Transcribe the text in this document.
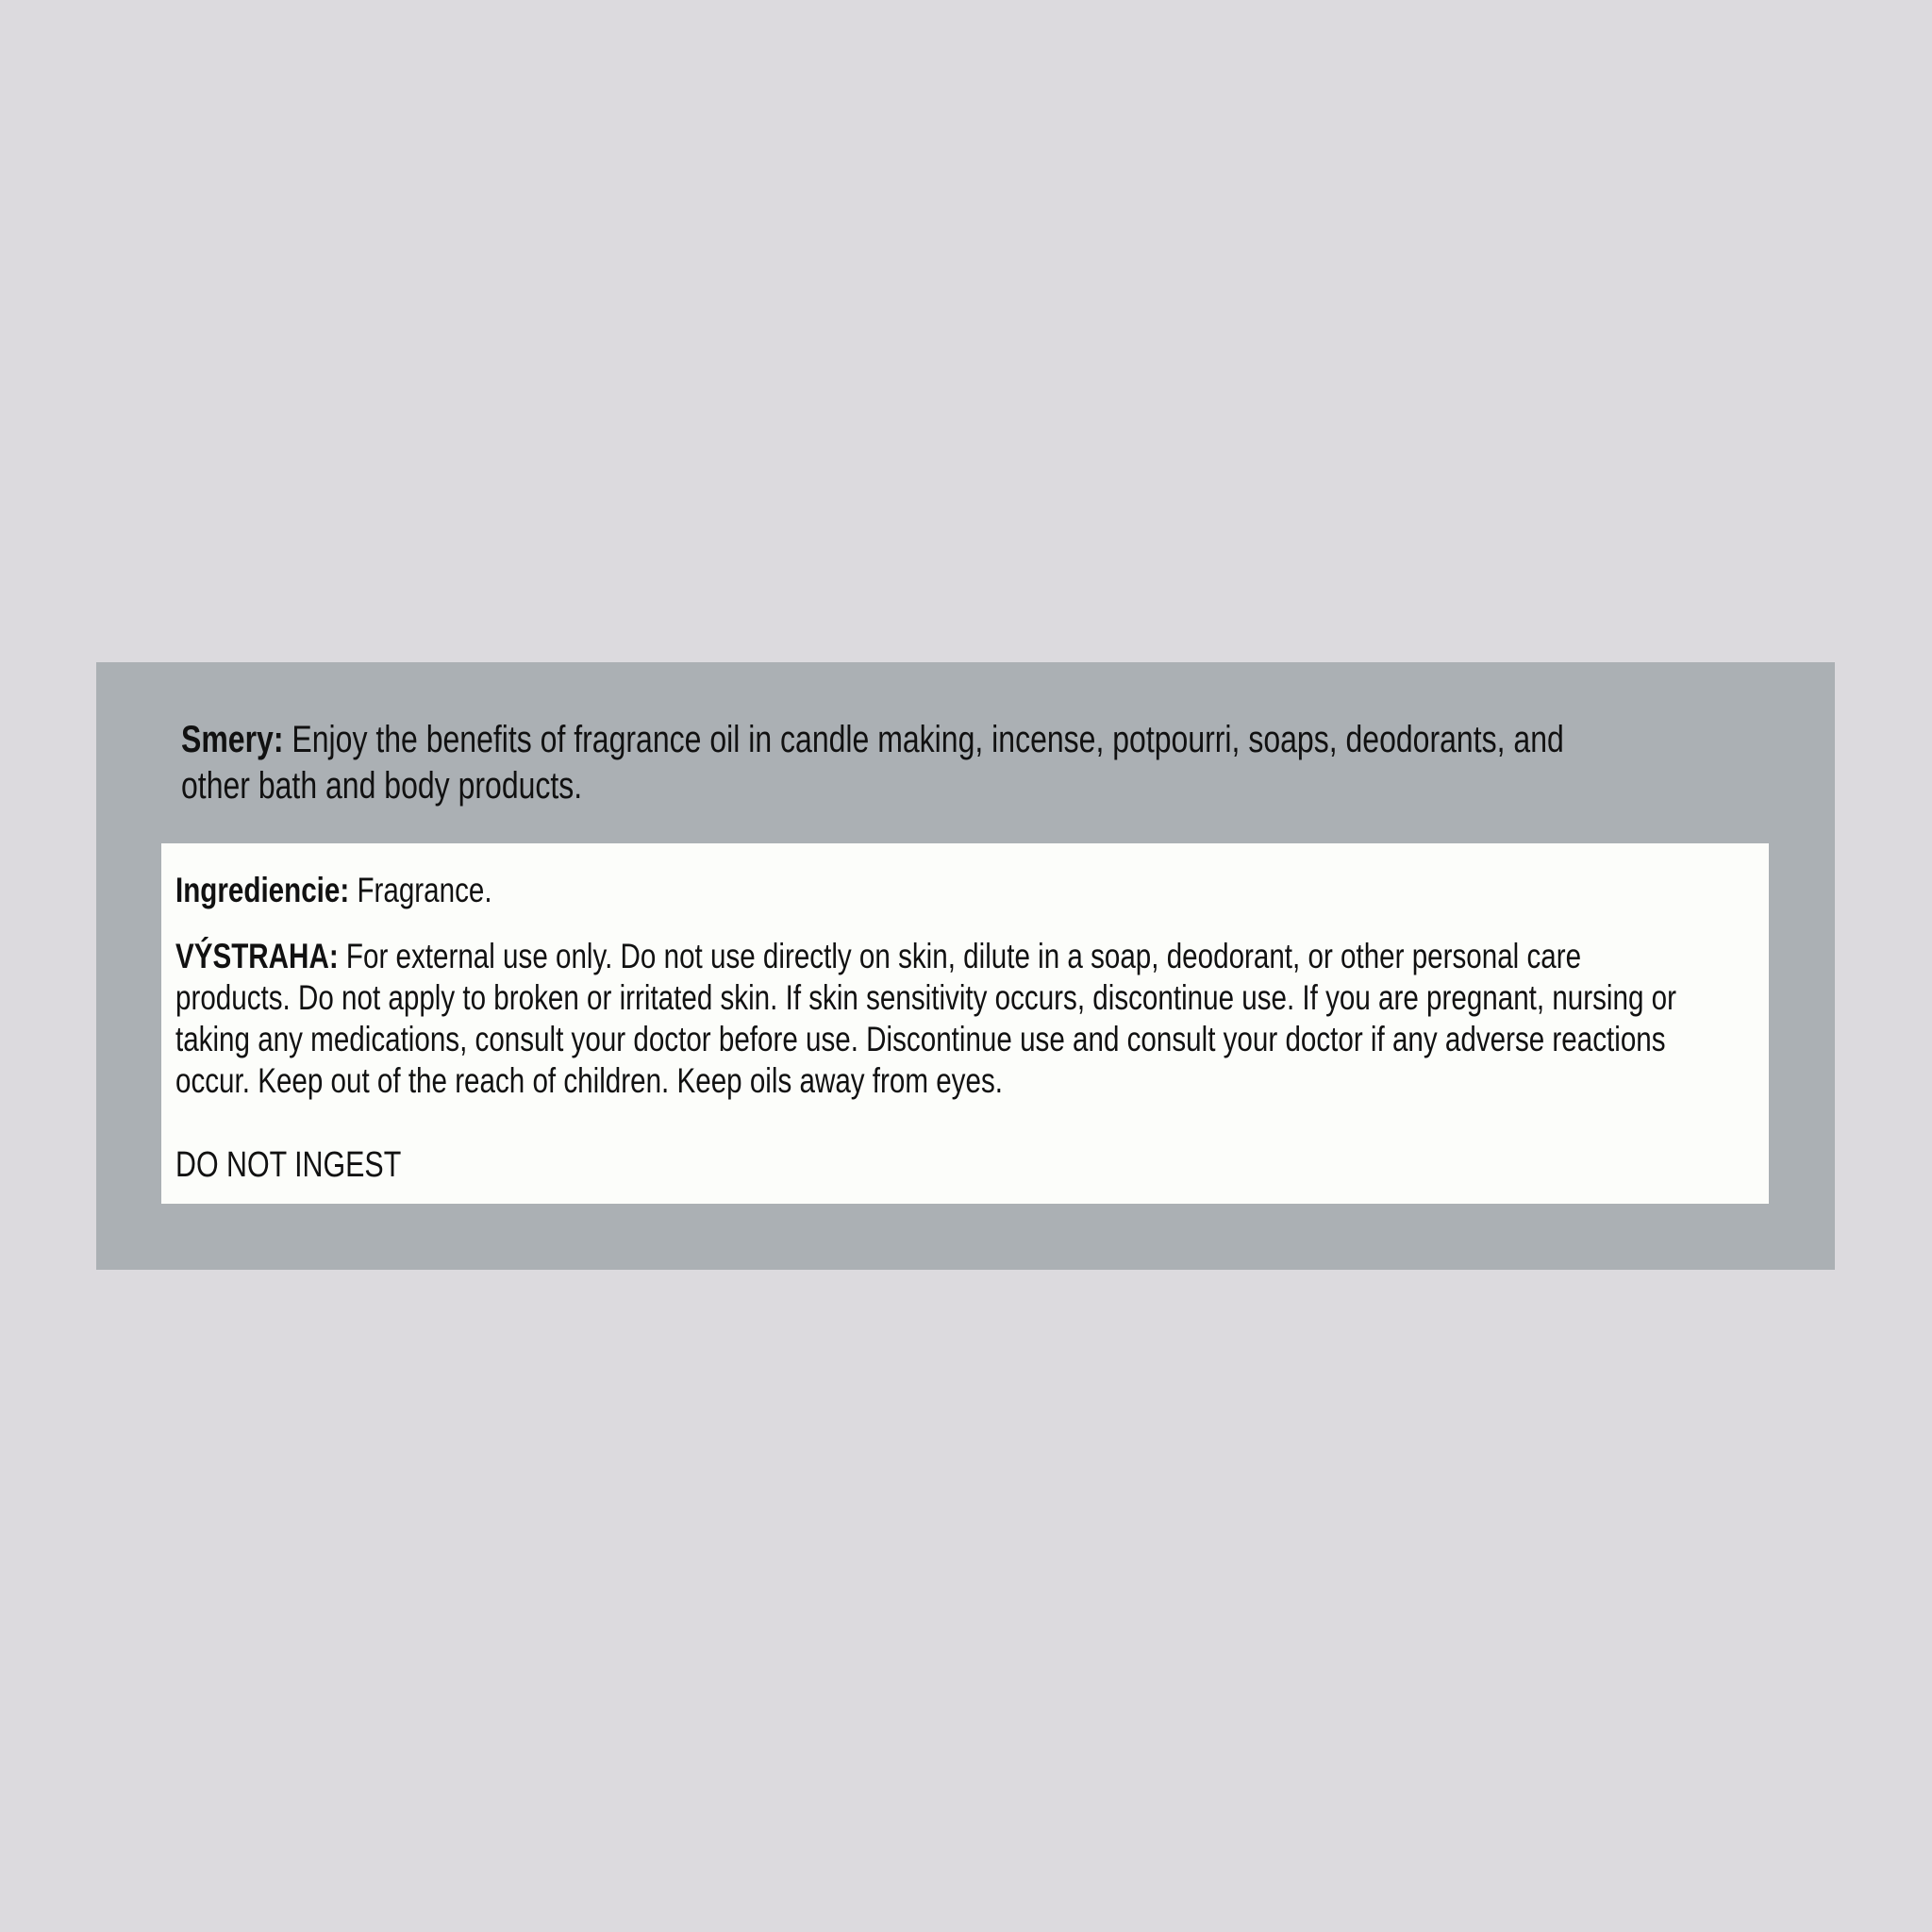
Smery: Enjoy the benefits of fragrance oil in candle making, incense, potpourri, soaps, deodorants, and
other bath and body products.
Ingrediencie: Fragrance.
VÝSTRAHA: For external use only. Do not use directly on skin, dilute in a soap, deodorant, or other personal care
products. Do not apply to broken or irritated skin. If skin sensitivity occurs, discontinue use. If you are pregnant, nursing or
taking any medications, consult your doctor before use. Discontinue use and consult your doctor if any adverse reactions
occur. Keep out of the reach of children. Keep oils away from eyes.
DO NOT INGEST
